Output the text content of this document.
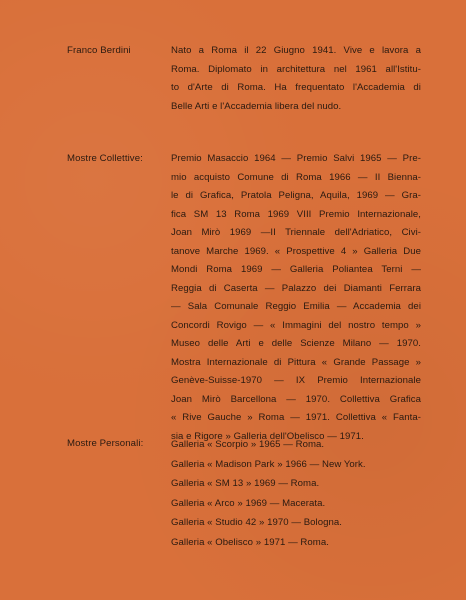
Franco Berdini	Nato a Roma il 22 Giugno 1941. Vive e lavora a
Roma. Diplomato in architettura nel 1961 all'Istitu-
to d'Arte di Roma. Ha frequentato l'Accademia di
Belle Arti e l'Accademia libera del nudo.
Mostre Collettive:	Premio Masaccio 1964 — Premio Salvi 1965 — Pre-
mio acquisto Comune di Roma 1966 — II Bienna-
le di Grafica, Pratola Peligna, Aquila, 1969 — Gra-
fica SM 13 Roma 1969 VIII Premio Internazionale,
Joan Mirò 1969 —II Triennale dell'Adriatico, Civi-
tanove Marche 1969. « Prospettive 4 » Galleria Due
Mondi Roma 1969 — Galleria Poliantea Terni —
Reggia di Caserta — Palazzo dei Diamanti Ferrara
— Sala Comunale Reggio Emilia — Accademia dei
Concordi Rovigo — « Immagini del nostro tempo »
Museo delle Arti e delle Scienze Milano — 1970.
Mostra Internazionale di Pittura « Grande Passage »
Genève-Suisse-1970 — IX Premio Internazionale
Joan Mirò Barcellona — 1970. Collettiva Grafica
« Rive Gauche » Roma — 1971. Collettiva « Fanta-
sia e Rigore » Galleria dell'Obelisco — 1971.
Mostre Personali:	Galleria « Scorpio » 1965 — Roma.
Galleria « Madison Park » 1966 — New York.
Galleria « SM 13 » 1969 — Roma.
Galleria « Arco » 1969 — Macerata.
Galleria « Studio 42 » 1970 — Bologna.
Galleria « Obelisco » 1971 — Roma.
